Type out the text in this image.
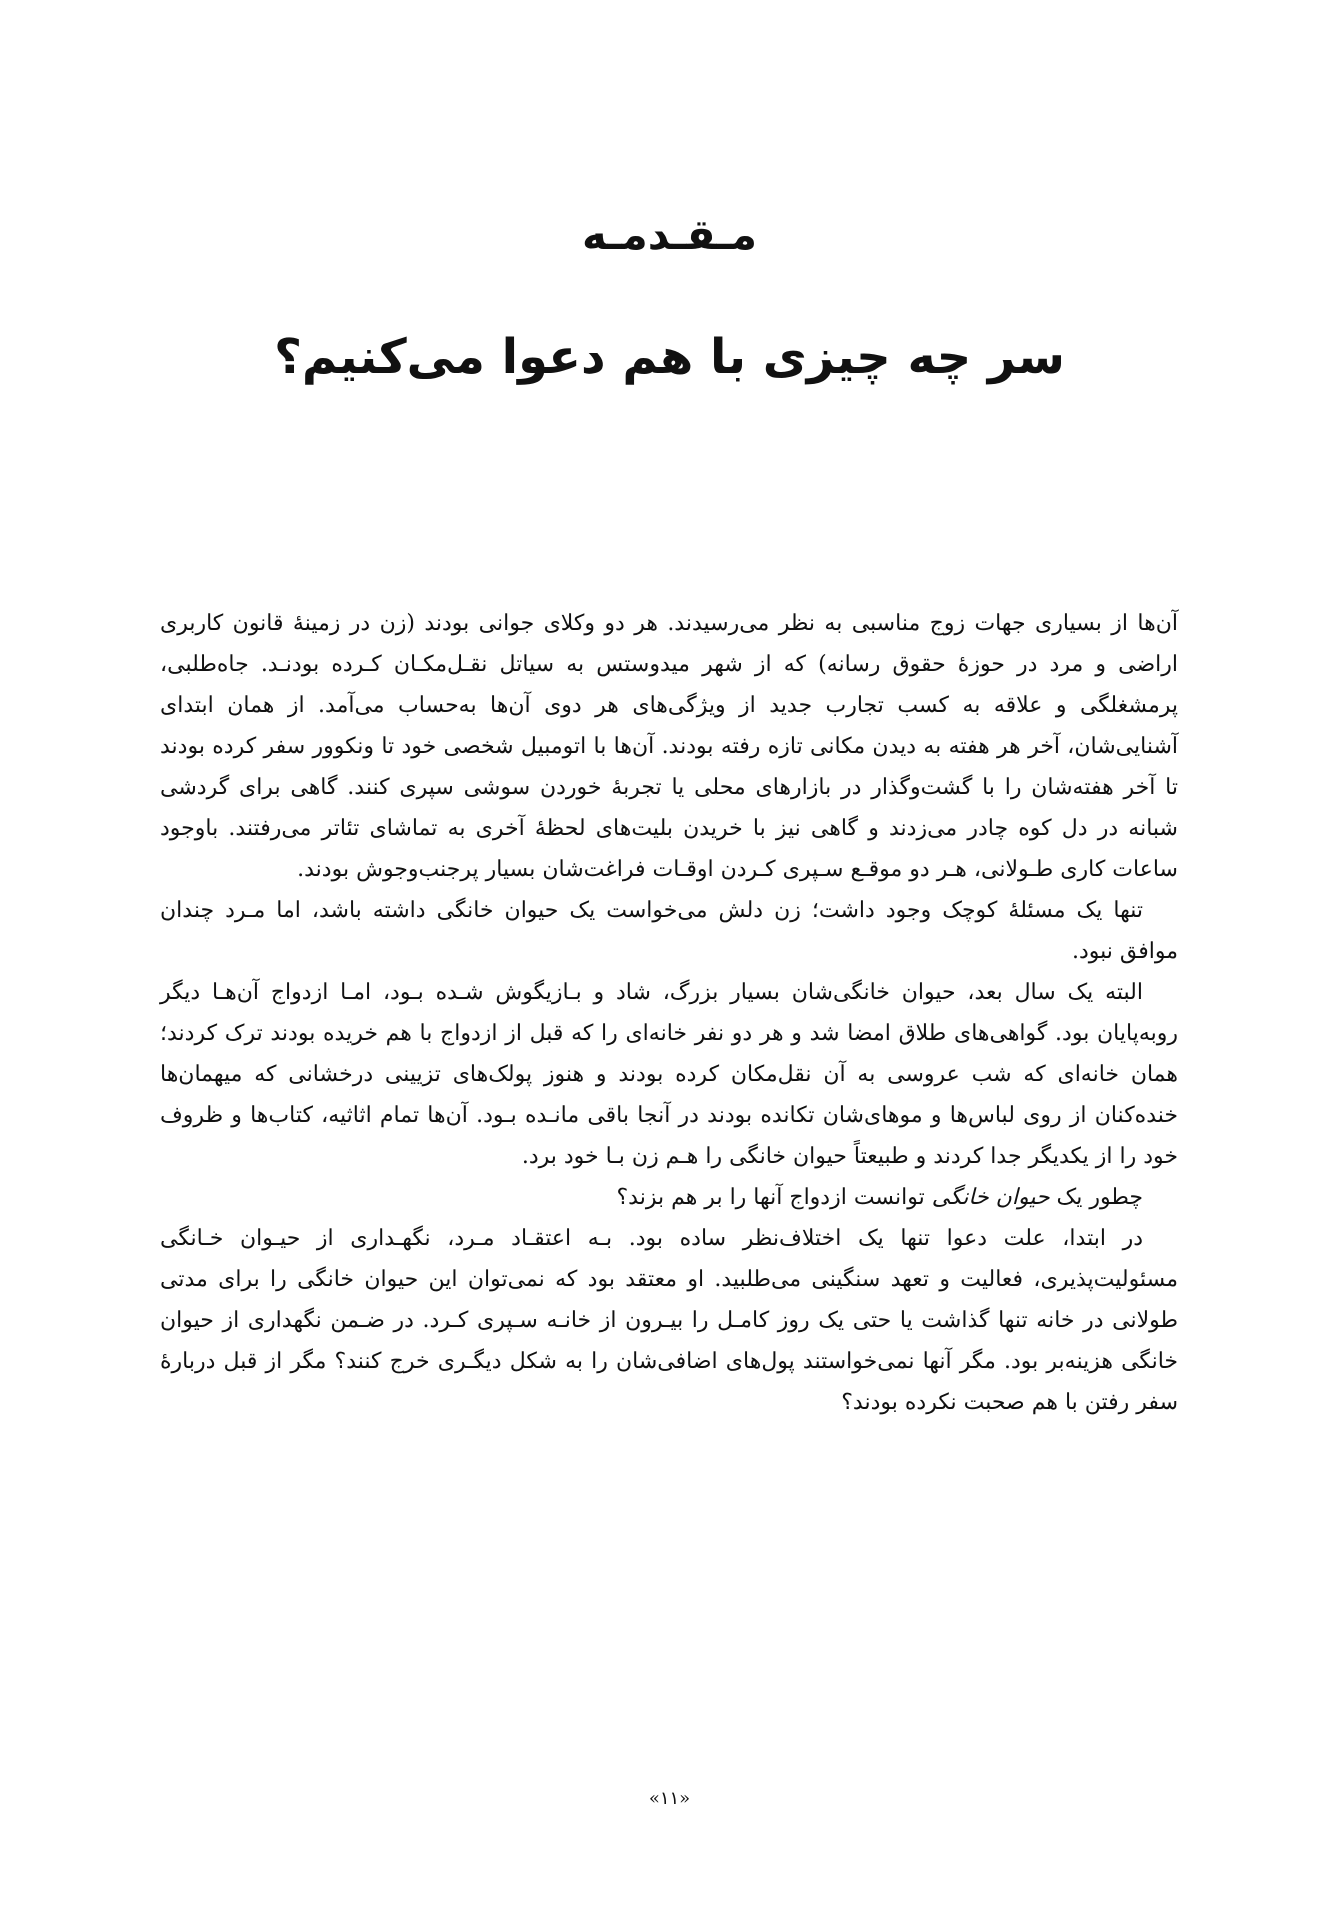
مـقـدمـه
سر چه چیزی با هم دعوا می‌کنیم؟

آن‌ها از بسیاری جهات زوج مناسبی به نظر می‌رسیدند. هر دو وکلای جوانی بودند (زن در زمینهٔ قانون کاربری اراضی و مرد در حوزهٔ حقوق رسانه) که از شهر میدوستس به سیاتل نقـل‌مکـان کـرده بودنـد. جاه‌طلبی، پرمشغلگی و علاقه به کسب تجارب جدید از ویژگی‌های هر دوی آن‌ها به‌حساب می‌آمد. از همان ابتدای آشنایی‌شان، آخر هر هفته به دیدن مکانی تازه رفته بودند. آن‌ها با اتومبیل شخصی خود تا ونکوور سفر کرده بودند تا آخر هفته‌شان را با گشت‌وگذار در بازارهای محلی یا تجربهٔ خوردن سوشی سپری کنند. گاهی برای گردشی شبانه در دل کوه چادر می‌زدند و گاهی نیز با خریدن بلیت‌های لحظهٔ آخری به تماشای تئاتر می‌رفتند. باوجود ساعات کاری طـولانی، هـر دو موقـع سـپری کـردن اوقـات فراغت‌شان بسیار پرجنب‌وجوش بودند.

تنها یک مسئلهٔ کوچک وجود داشت؛ زن دلش می‌خواست یک حیوان خانگی داشته باشد، اما مـرد چندان موافق نبود.

البته یک سال بعد، حیوان خانگی‌شان بسیار بزرگ، شاد و بـازیگوش شـده بـود، امـا ازدواج آن‌هـا دیگر روبه‌پایان بود. گواهی‌های طلاق امضا شد و هر دو نفر خانه‌ای را که قبل از ازدواج با هم خریده بودند ترک کردند؛ همان خانه‌ای که شب عروسی به آن نقل‌مکان کرده بودند و هنوز پولک‌های تزیینی درخشانی که میهمان‌ها خنده‌کنان از روی لباس‌ها و موهای‌شان تکانده بودند در آنجا باقی مانـده بـود. آن‌ها تمام اثاثیه، کتاب‌ها و ظروف خود را از یکدیگر جدا کردند و طبیعتاً حیوان خانگی را هـم زن بـا خود برد.

چطور یک حیوان خانگی توانست ازدواج آنها را بر هم بزند؟

در ابتدا، علت دعوا تنها یک اختلاف‌نظر ساده بود. بـه اعتقـاد مـرد، نگهـداری از حیـوان خـانگی مسئولیت‌پذیری، فعالیت و تعهد سنگینی می‌طلبید. او معتقد بود که نمی‌توان این حیوان خانگی را برای مدتی طولانی در خانه تنها گذاشت یا حتی یک روز کامـل را بیـرون از خانـه سـپری کـرد. در ضـمن نگهداری از حیوان خانگی هزینه‌بر بود. مگر آنها نمی‌خواستند پول‌های اضافی‌شان را به شکل دیگـری خرج کنند؟ مگر از قبل دربارهٔ سفر رفتن با هم صحبت نکرده بودند؟

«۱۱»
